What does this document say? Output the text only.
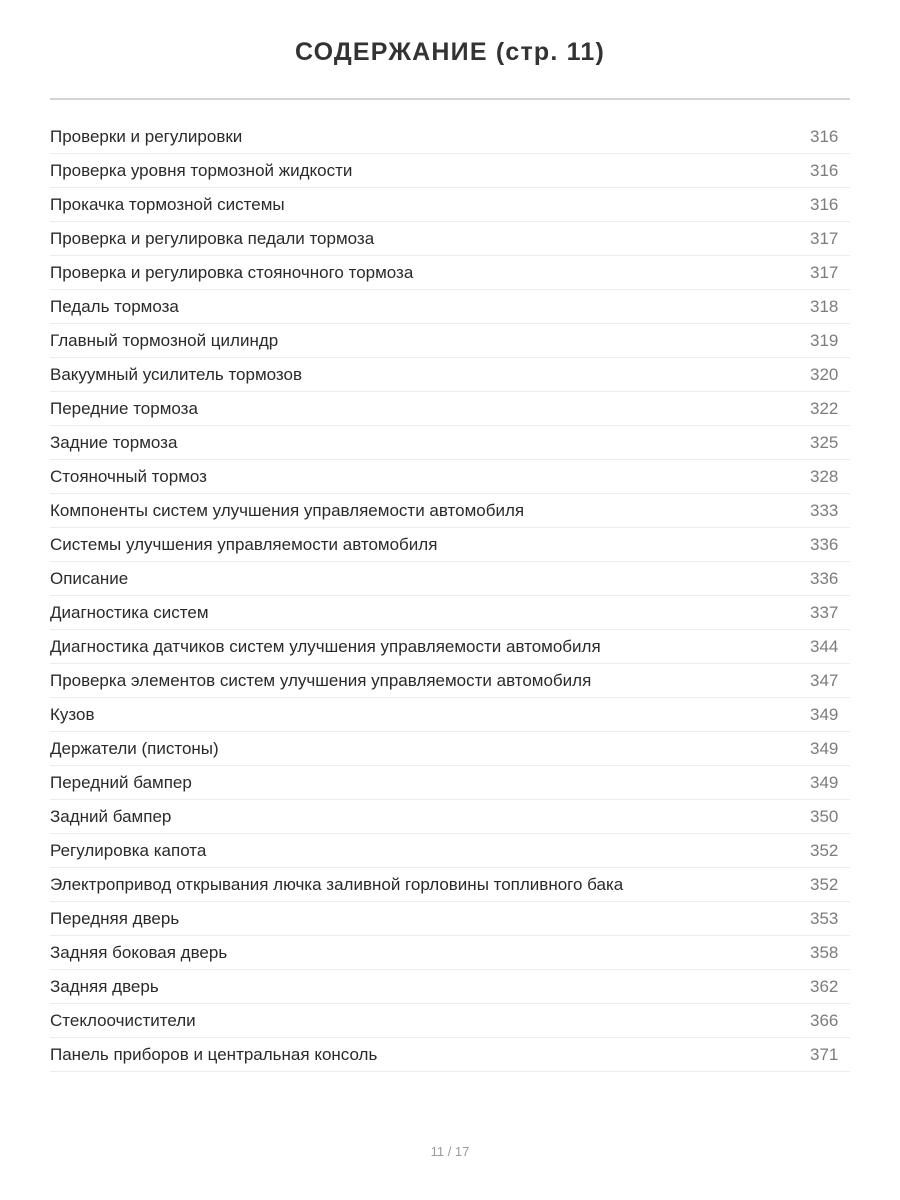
СОДЕРЖАНИЕ (стр. 11)
Проверки и регулировки	316
Проверка уровня тормозной жидкости	316
Прокачка тормозной системы	316
Проверка и регулировка педали тормоза	317
Проверка и регулировка стояночного тормоза	317
Педаль тормоза	318
Главный тормозной цилиндр	319
Вакуумный усилитель тормозов	320
Передние тормоза	322
Задние тормоза	325
Стояночный тормоз	328
Компоненты систем улучшения управляемости автомобиля	333
Системы улучшения управляемости автомобиля	336
Описание	336
Диагностика систем	337
Диагностика датчиков систем улучшения управляемости автомобиля	344
Проверка элементов систем улучшения управляемости автомобиля	347
Кузов	349
Держатели (пистоны)	349
Передний бампер	349
Задний бампер	350
Регулировка капота	352
Электропривод открывания лючка заливной горловины топливного бака	352
Передняя дверь	353
Задняя боковая дверь	358
Задняя дверь	362
Стеклоочистители	366
Панель приборов и центральная консоль	371
11 / 17
